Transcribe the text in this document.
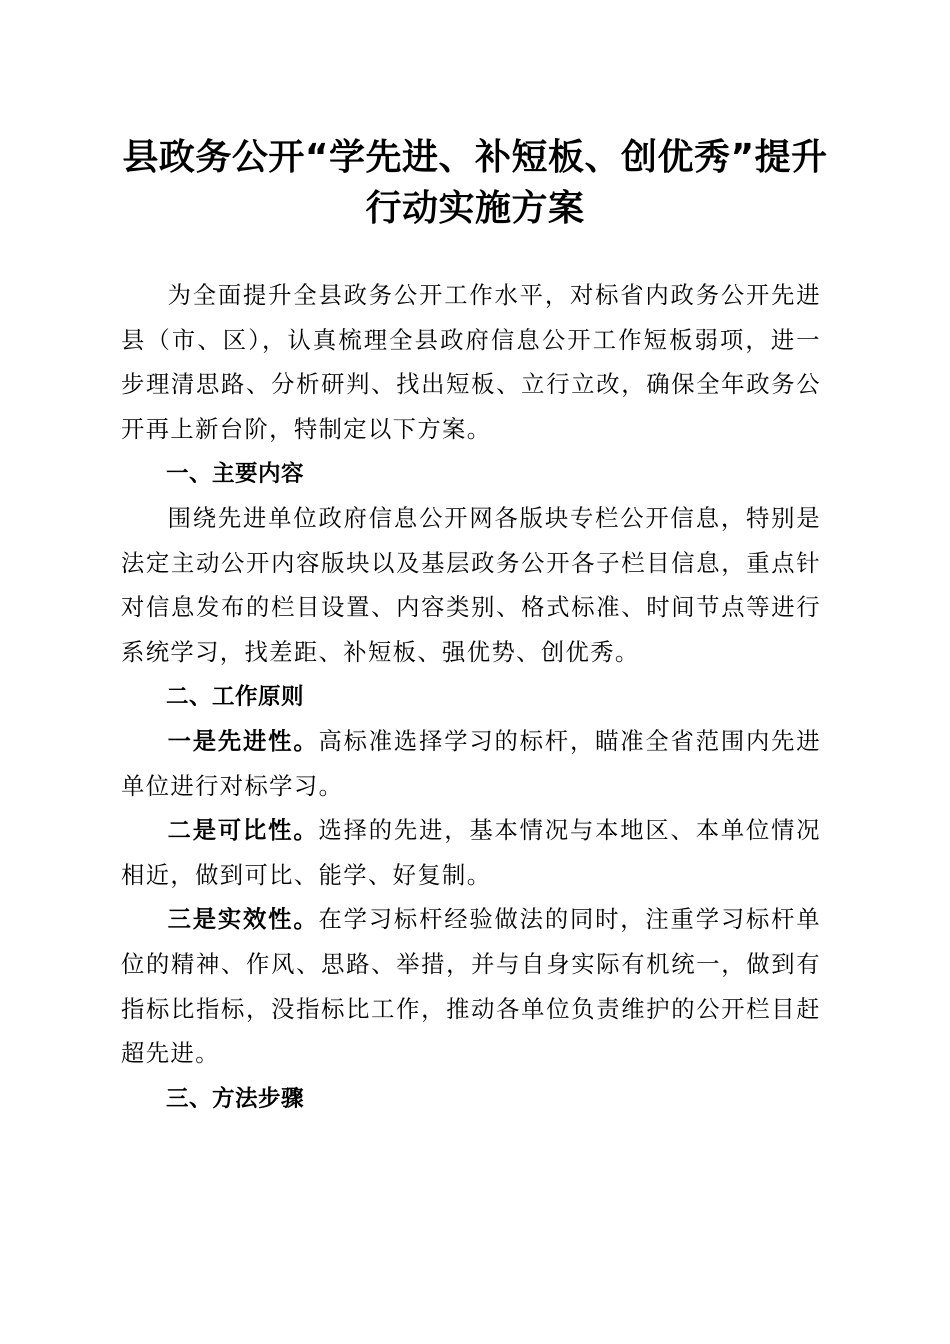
县政务公开“学先进、补短板、创优秀”提升
行动实施方案

为全面提升全县政务公开工作水平，对标省内政务公开先进县（市、区），认真梳理全县政府信息公开工作短板弱项，进一步理清思路、分析研判、找出短板、立行立改，确保全年政务公开再上新台阶，特制定以下方案。

一、主要内容

围绕先进单位政府信息公开网各版块专栏公开信息，特别是法定主动公开内容版块以及基层政务公开各子栏目信息，重点针对信息发布的栏目设置、内容类别、格式标准、时间节点等进行系统学习，找差距、补短板、强优势、创优秀。

二、工作原则

一是先进性。高标准选择学习的标杆，瞄准全省范围内先进单位进行对标学习。

二是可比性。选择的先进，基本情况与本地区、本单位情况相近，做到可比、能学、好复制。

三是实效性。在学习标杆经验做法的同时，注重学习标杆单位的精神、作风、思路、举措，并与自身实际有机统一，做到有指标比指标，没指标比工作，推动各单位负责维护的公开栏目赶超先进。

三、方法步骤
